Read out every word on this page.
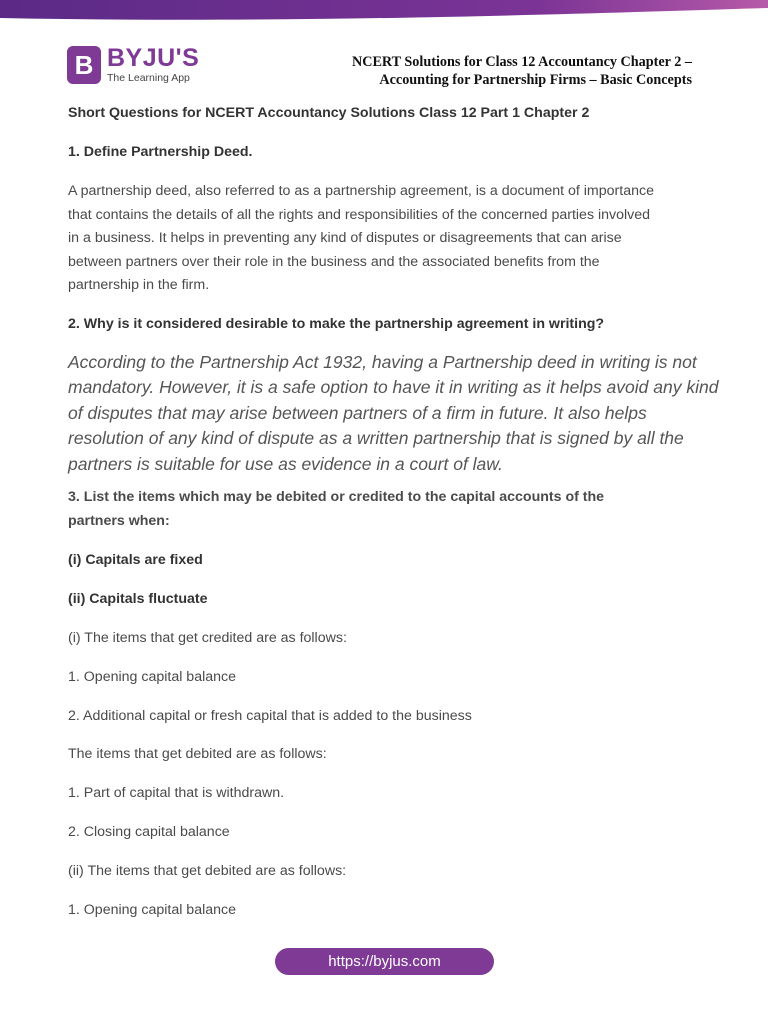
B BYJU'S
The Learning App
NCERT Solutions for Class 12 Accountancy Chapter 2 –
Accounting for Partnership Firms – Basic Concepts
Short Questions for NCERT Accountancy Solutions Class 12 Part 1 Chapter 2
1. Define Partnership Deed.
A partnership deed, also referred to as a partnership agreement, is a document of importance
that contains the details of all the rights and responsibilities of the concerned parties involved
in a business. It helps in preventing any kind of disputes or disagreements that can arise
between partners over their role in the business and the associated benefits from the
partnership in the firm.
2. Why is it considered desirable to make the partnership agreement in writing?
According to the Partnership Act 1932, having a Partnership deed in writing is not
mandatory. However, it is a safe option to have it in writing as it helps avoid any kind
of disputes that may arise between partners of a firm in future. It also helps
resolution of any kind of dispute as a written partnership that is signed by all the
partners is suitable for use as evidence in a court of law.
3. List the items which may be debited or credited to the capital accounts of the
partners when:
(i) Capitals are fixed
(ii) Capitals fluctuate
(i) The items that get credited are as follows:
1. Opening capital balance
2. Additional capital or fresh capital that is added to the business
The items that get debited are as follows:
1. Part of capital that is withdrawn.
2. Closing capital balance
(ii) The items that get debited are as follows:
1. Opening capital balance
https://byjus.com
